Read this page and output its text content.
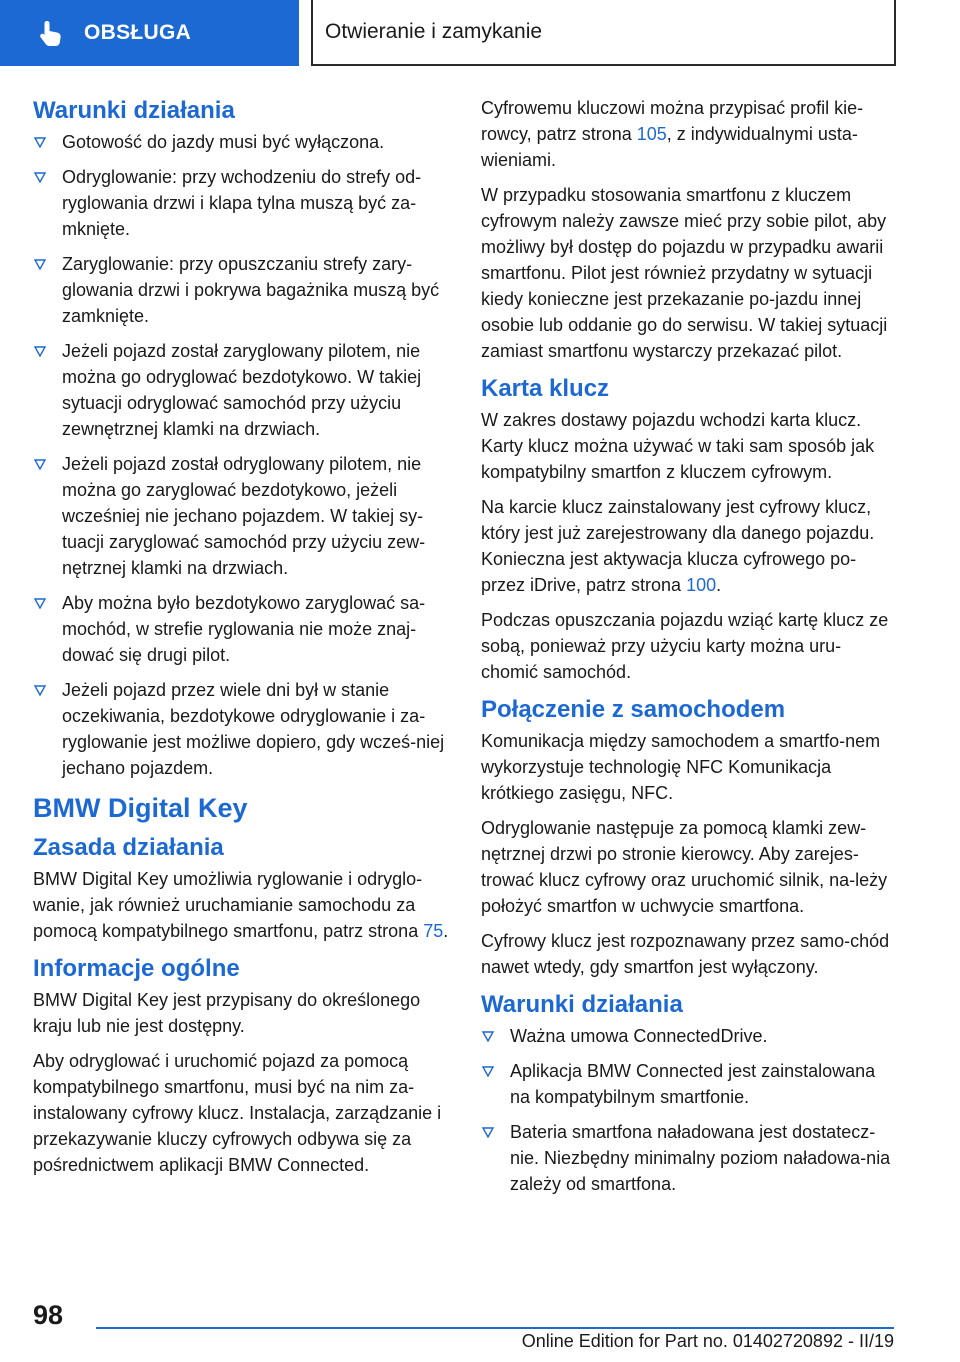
OBSŁUGA	Otwieranie i zamykanie
Warunki działania
Gotowość do jazdy musi być wyłączona.
Odryglowanie: przy wchodzeniu do strefy od-ryglowania drzwi i klapa tylna muszą być za-mknięte.
Zaryglowanie: przy opuszczaniu strefy zary-glowania drzwi i pokrywa bagażnika muszą być zamknięte.
Jeżeli pojazd został zaryglowany pilotem, nie można go odryglować bezdotykowo. W takiej sytuacji odryglować samochód przy użyciu zewnętrznej klamki na drzwiach.
Jeżeli pojazd został odryglowany pilotem, nie można go zaryglować bezdotykowo, jeżeli wcześniej nie jechano pojazdem. W takiej sy-tuacji zaryglować samochód przy użyciu zew-nętrznej klamki na drzwiach.
Aby można było bezdotykowo zaryglować sa-mochód, w strefie ryglowania nie może znaj-dować się drugi pilot.
Jeżeli pojazd przez wiele dni był w stanie oczekiwania, bezdotykowe odryglowanie i za-ryglowanie jest możliwe dopiero, gdy wcześ-niej jechano pojazdem.
BMW Digital Key
Zasada działania

BMW Digital Key umożliwia ryglowanie i odryglo-wanie, jak również uruchamianie samochodu za pomocą kompatybilnego smartfonu, patrz strona 75.

Informacje ogólne

BMW Digital Key jest przypisany do określonego kraju lub nie jest dostępny.

Aby odryglować i uruchomić pojazd za pomocą kompatybilnego smartfonu, musi być na nim za-instalowany cyfrowy klucz. Instalacja, zarządzanie i przekazywanie kluczy cyfrowych odbywa się za pośrednictwem aplikacji BMW Connected.

Cyfrowemu kluczowi można przypisać profil kie-rowcy, patrz strona 105, z indywidualnymi usta-wieniami.

W przypadku stosowania smartfonu z kluczem cyfrowym należy zawsze mieć przy sobie pilot, aby możliwy był dostęp do pojazdu w przypadku awarii smartfonu. Pilot jest również przydatny w sytuacji kiedy konieczne jest przekazanie po-jazdu innej osobie lub oddanie go do serwisu. W takiej sytuacji zamiast smartfonu wystarczy przekazać pilot.

Karta klucz

W zakres dostawy pojazdu wchodzi karta klucz. Karty klucz można używać w taki sam sposób jak kompatybilny smartfon z kluczem cyfrowym.

Na karcie klucz zainstalowany jest cyfrowy klucz, który jest już zarejestrowany dla danego pojazdu. Konieczna jest aktywacja klucza cyfrowego po-przez iDrive, patrz strona 100.

Podczas opuszczania pojazdu wziąć kartę klucz ze sobą, ponieważ przy użyciu karty można uru-chomić samochód.

Połączenie z samochodem

Komunikacja między samochodem a smartfo-nem wykorzystuje technologię NFC Komunikacja krótkiego zasięgu, NFC.

Odryglowanie następuje za pomocą klamki zew-nętrznej drzwi po stronie kierowcy. Aby zarejes-trować klucz cyfrowy oraz uruchomić silnik, na-leży położyć smartfon w uchwycie smartfona.

Cyfrowy klucz jest rozpoznawany przez samo-chód nawet wtedy, gdy smartfon jest wyłączony.

Warunki działania
Ważna umowa ConnectedDrive.
Aplikacja BMW Connected jest zainstalowana na kompatybilnym smartfonie.
Bateria smartfona naładowana jest dostatecz-nie. Niezbędny minimalny poziom naładowa-nia zależy od smartfona.
98
Online Edition for Part no. 01402720892 - II/19
